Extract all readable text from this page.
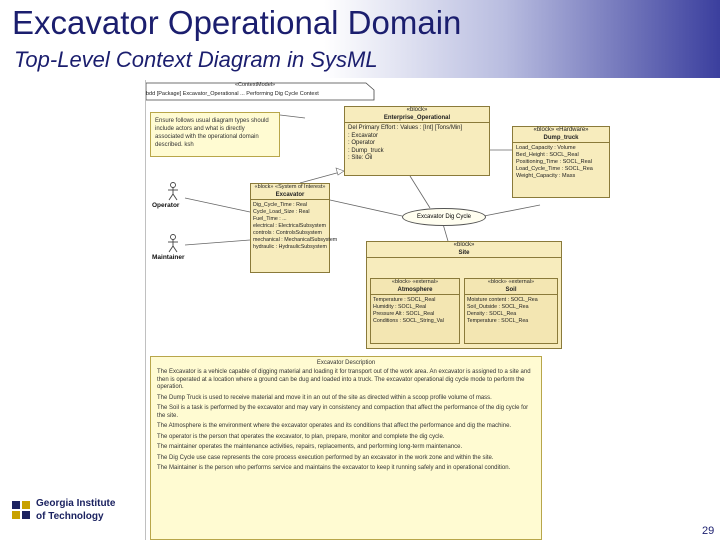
Excavator Operational Domain
Top-Level Context Diagram in SysML
«ContextModel»
bdd [Package] Excavator_Operational ... Performing Dig Cycle Context
Ensure follows usual diagram types should include actors and what is directly associated with the operational domain described. ksh
Operator
Maintainer
«block»
Enterprise_Operational
Del Primary Effort : Values : [Int] [Tons/Min]
: Excavator
: Operator
: Dump_truck
: Site: Oil
«block» «Hardware»
Dump_truck
Load_Capacity : Volume
Bed_Height : SOCL_Real
Positioning_Time : SOCL_Real
Load_Cycle_Time : SOCL_Rea
Weight_Capacity : Mass
«block» «System of Interest»
Excavator
Dig_Cycle_Time : Real
Cycle_Load_Size : Real
Fuel_Time : ...
electrical : ElectricalSubsystem
controls : ControlsSubsystem
mechanical : MechanicalSubsystem
hydraulic : HydraulicSubsystem
Excavator Dig Cycle
«block»
Site
«block» «external»
Atmosphere
Temperature : SOCL_Real
Humidity : SOCL_Real
Pressure Alt : SOCL_Real
Conditions : SOCL_String_Val
«block» «external»
Soil
Moisture content : SOCL_Rea
Soil_Outside : SOCL_Rea
Density : SOCL_Rea
Temperature : SOCL_Rea
Excavator Description
The Excavator is a vehicle capable of digging material and loading it for transport out of the work area. An excavator is assigned to a site and then is operated at a location where a ground can be dug and loaded into a truck. The excavator operational dig cycle mode to perform the operation.
The Dump Truck is used to receive material and move it in an out of the site as directed within a scoop profile volume of mass.
The Soil is a task is performed by the excavator and may vary in consistency and compaction that affect the performance of the dig cycle for the site.
The Atmosphere is the environment where the excavator operates and its conditions that affect the performance and dig the machine.
The operator is the person that operates the excavator, to plan, prepare, monitor and complete the dig cycle.
The maintainer operates the maintenance activities, repairs, replacements, and performing long-term maintenance.
The Dig Cycle use case represents the core process execution performed by an excavator in the work zone and within the site.
The Maintainer is the person who performs service and maintains the excavator to keep it running safely and in operational condition.
Georgia Institute
of Technology
29
